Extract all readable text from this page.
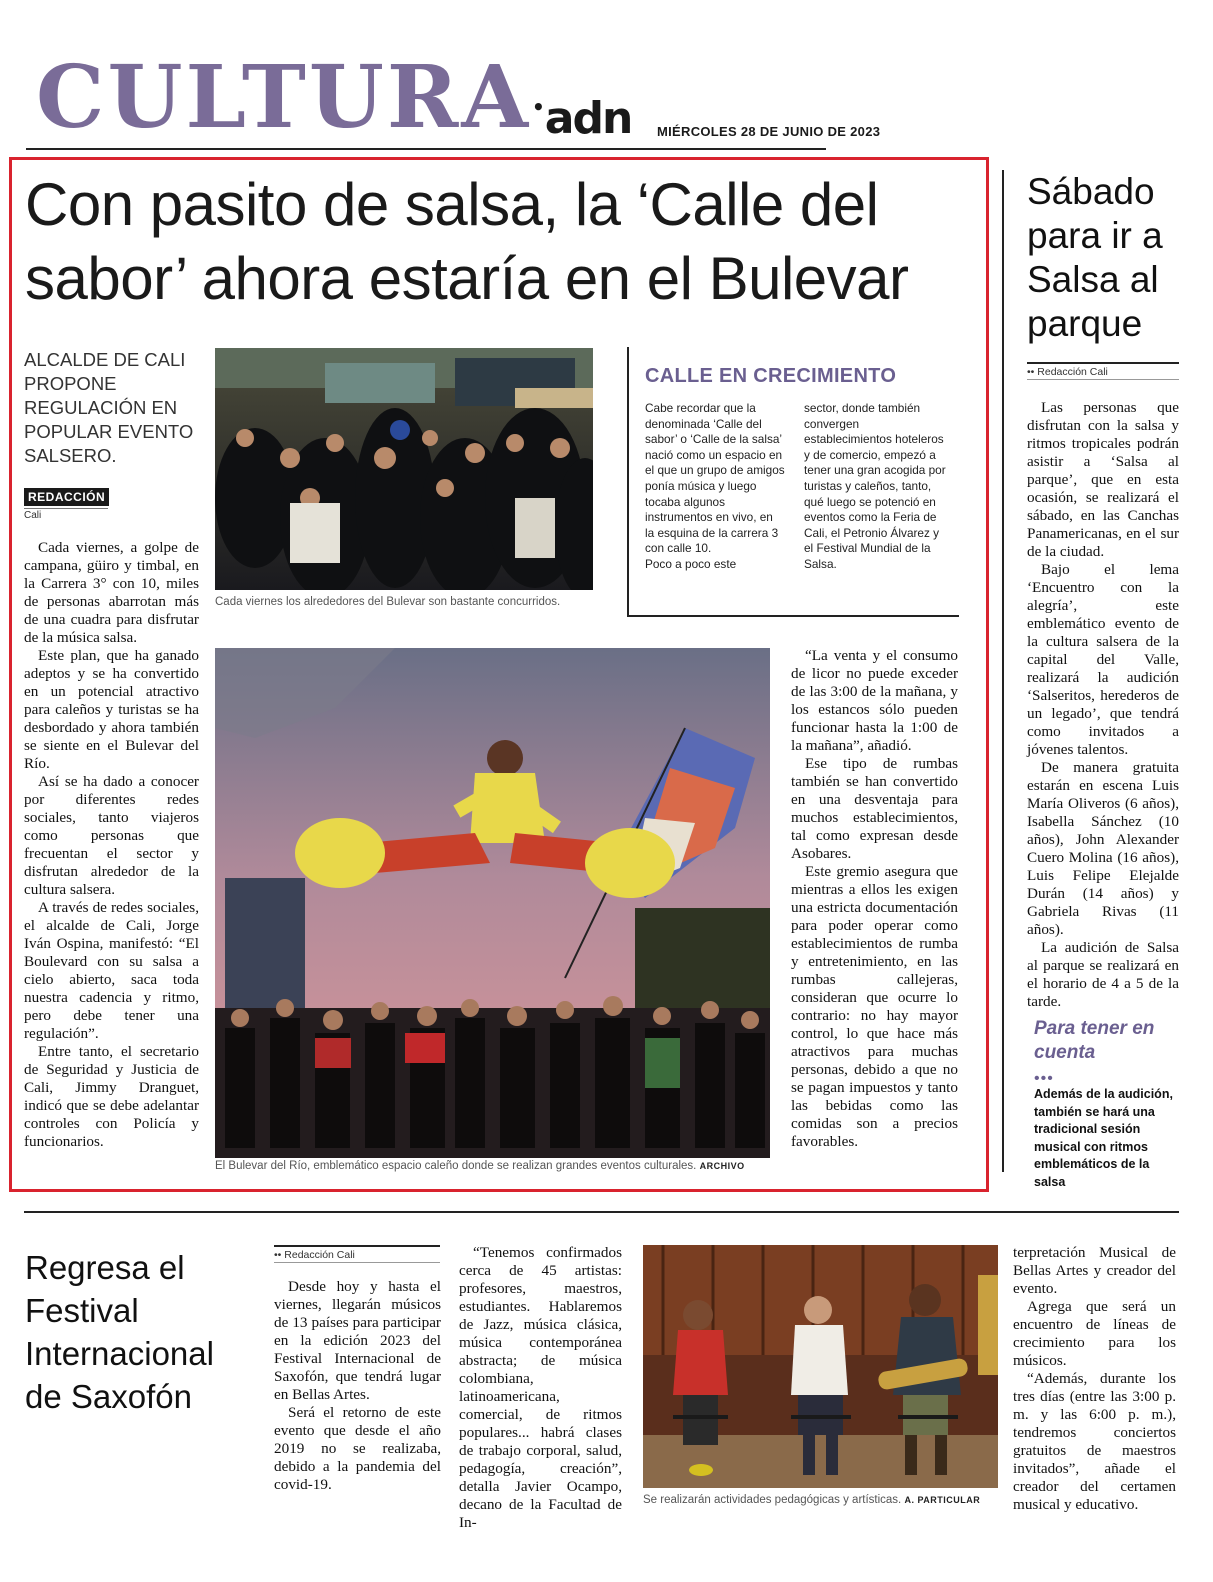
CULTURA •adn MIÉRCOLES 28 DE JUNIO DE 2023
Con pasito de salsa, la ‘Calle del sabor’ ahora estaría en el Bulevar
ALCALDE DE CALI PROPONE REGULACIÓN EN POPULAR EVENTO SALSERO.
REDACCIÓN
Cali

Cada viernes, a golpe de campana, güiro y timbal, en la Carrera 3° con 10, miles de personas abarrotan más de una cuadra para disfrutar de la música salsa.

Este plan, que ha ganado adeptos y se ha convertido en un potencial atractivo para caleños y turistas se ha desbordado y ahora también se siente en el Bulevar del Río.

Así se ha dado a conocer por diferentes redes sociales, tanto viajeros como personas que frecuentan el sector y disfrutan alrededor de la cultura salsera.

A través de redes sociales, el alcalde de Cali, Jorge Iván Ospina, manifestó: “El Boulevard con su salsa a cielo abierto, saca toda nuestra cadencia y ritmo, pero debe tener una regulación”.

Entre tanto, el secretario de Seguridad y Justicia de Cali, Jimmy Dranguet, indicó que se debe adelantar controles con Policía y funcionarios.

Cada viernes los alrededores del Bulevar son bastante concurridos.
CALLE EN CRECIMIENTO

Cabe recordar que la denominada ‘Calle del sabor’ o ‘Calle de la salsa’ nació como un espacio en el que un grupo de amigos ponía música y luego tocaba algunos instrumentos en vivo, en la esquina de la carrera 3 con calle 10.

Poco a poco este

sector, donde también convergen establecimientos hoteleros y de comercio, empezó a tener una gran acogida por turistas y caleños, tanto, qué luego se potenció en eventos como la Feria de Cali, el Petronio Álvarez y el Festival Mundial de la Salsa.

El Bulevar del Río, emblemático espacio caleño donde se realizan grandes eventos culturales. ARCHIVO

“La venta y el consumo de licor no puede exceder de las 3:00 de la mañana, y los estancos sólo pueden funcionar hasta la 1:00 de la mañana”, añadió.

Ese tipo de rumbas también se han convertido en una desventaja para muchos establecimientos, tal como expresan desde Asobares.

Este gremio asegura que mientras a ellos les exigen una estricta documentación para poder operar como establecimientos de rumba y entretenimiento, en las rumbas callejeras, consideran que ocurre lo contrario: no hay mayor control, lo que hace más atractivos para muchas personas, debido a que no se pagan impuestos y tanto las bebidas como las comidas son a precios favorables.

Sábado para ir a Salsa al parque
•• Redacción Cali

Las personas que disfrutan con la salsa y ritmos tropicales podrán asistir a ‘Salsa al parque’, que en esta ocasión, se realizará el sábado, en las Canchas Panamericanas, en el sur de la ciudad.

Bajo el lema ‘Encuentro con la alegría’, este emblemático evento de la cultura salsera de la capital del Valle, realizará la audición ‘Salseritos, herederos de un legado’, que tendrá como invitados a jóvenes talentos.

De manera gratuita estarán en escena Luis María Oliveros (6 años), Isabella Sánchez (10 años), John Alexander Cuero Molina (16 años), Luis Felipe Elejalde Durán (14 años) y Gabriela Rivas (11 años).

La audición de Salsa al parque se realizará en el horario de 4 a 5 de la tarde.

Para tener en cuenta
•••
Además de la audición, también se hará una tradicional sesión musical con ritmos emblemáticos de la salsa
Regresa el Festival Internacional de Saxofón
•• Redacción Cali

Desde hoy y hasta el viernes, llegarán músicos de 13 países para participar en la edición 2023 del Festival Internacional de Saxofón, que tendrá lugar en Bellas Artes.

Será el retorno de este evento que desde el año 2019 no se realizaba, debido a la pandemia del covid-19.

“Tenemos confirmados cerca de 45 artistas: profesores, maestros, estudiantes. Hablaremos de Jazz, música clásica, música contemporánea abstracta; de música colombiana, latinoamericana, comercial, de ritmos populares... habrá clases de trabajo corporal, salud, pedagogía, creación”, detalla Javier Ocampo, decano de la Facultad de In-

Se realizarán actividades pedagógicas y artísticas. A. PARTICULAR

terpretación Musical de Bellas Artes y creador del evento.

Agrega que será un encuentro de líneas de crecimiento para los músicos.

“Además, durante los tres días (entre las 3:00 p. m. y las 6:00 p. m.), tendremos conciertos gratuitos de maestros invitados”, añade el creador del certamen musical y educativo.
